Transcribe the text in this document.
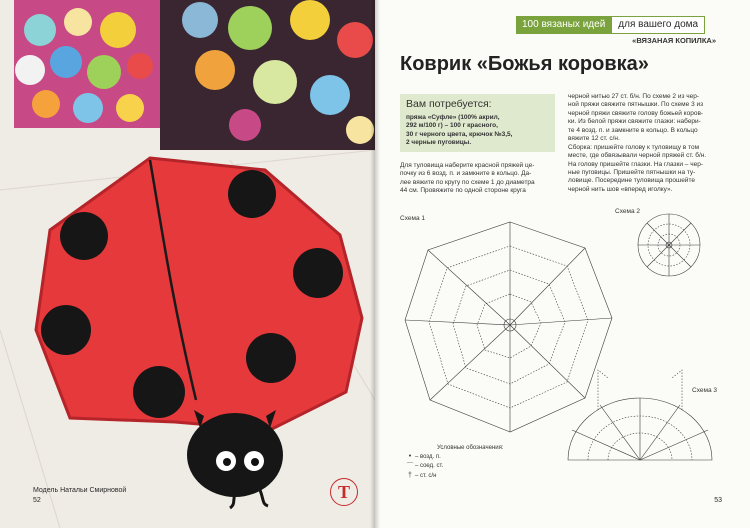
Модель Натальи Смирновой
52	Т
100 вязаных идей	для вашего дома
«ВЯЗАНАЯ КОПИЛКА»
Коврик «Божья коровка»
Вам потребуется:
пряжа «Суфле» (100% акрил,
292 м/100 г) – 100 г красного,
30 г черного цвета, крючок №3,5,
2 черные пуговицы.
Для туловища наберите красной пряжей це-
почку из 6 возд. п. и замкните в кольцо. Да-
лее вяжите по кругу по схеме 1 до диаметра
44 см. Провяжите по одной стороне круга
черной нитью 27 ст. б/н. По схеме 2 из чер-
ной пряжи свяжите пятнышки. По схеме 3 из
черной пряжи свяжите голову божьей коров-
ки. Из белой пряжи свяжите глазки: набери-
те 4 возд. п. и замкните в кольцо. В кольцо
вяжите 12 ст. с/н.
Сборка: пришейте голову к туловищу в том
месте, где обвязывали черной пряжей ст. б/н.
На голову пришейте глазки. На глазки – чер-
ные пуговицы. Пришейте пятнышки на ту-
ловище. Посередине туловища прошейте
черной нить шов «вперед иголку».
Схема 1
Схема 2
Схема 3
Условные обозначения:
• – возд. п.
⌒ – соед. ст.
† – ст. с/н
53
